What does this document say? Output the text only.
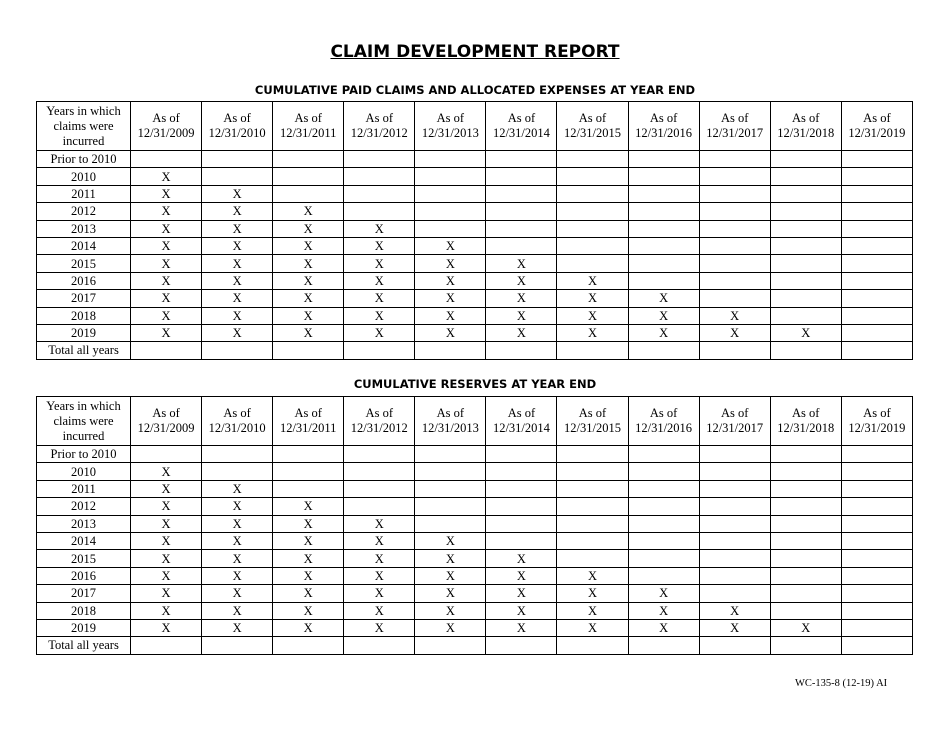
CLAIM DEVELOPMENT REPORT
CUMULATIVE PAID CLAIMS AND ALLOCATED EXPENSES AT YEAR END
Years in which claims were incurred	As of 12/31/2009	As of 12/31/2010	As of 12/31/2011	As of 12/31/2012	As of 12/31/2013	As of 12/31/2014	As of 12/31/2015	As of 12/31/2016	As of 12/31/2017	As of 12/31/2018	As of 12/31/2019
Prior to 2010											
2010	X										
2011	X	X									
2012	X	X	X								
2013	X	X	X	X							
2014	X	X	X	X	X						
2015	X	X	X	X	X	X					
2016	X	X	X	X	X	X	X				
2017	X	X	X	X	X	X	X	X			
2018	X	X	X	X	X	X	X	X	X		
2019	X	X	X	X	X	X	X	X	X	X	
Total all years											
CUMULATIVE RESERVES AT YEAR END
Years in which claims were incurred	As of 12/31/2009	As of 12/31/2010	As of 12/31/2011	As of 12/31/2012	As of 12/31/2013	As of 12/31/2014	As of 12/31/2015	As of 12/31/2016	As of 12/31/2017	As of 12/31/2018	As of 12/31/2019
Prior to 2010											
2010	X										
2011	X	X									
2012	X	X	X								
2013	X	X	X	X							
2014	X	X	X	X	X						
2015	X	X	X	X	X	X					
2016	X	X	X	X	X	X	X				
2017	X	X	X	X	X	X	X	X			
2018	X	X	X	X	X	X	X	X	X		
2019	X	X	X	X	X	X	X	X	X	X	
Total all years											
WC-135-8 (12-19) AI
